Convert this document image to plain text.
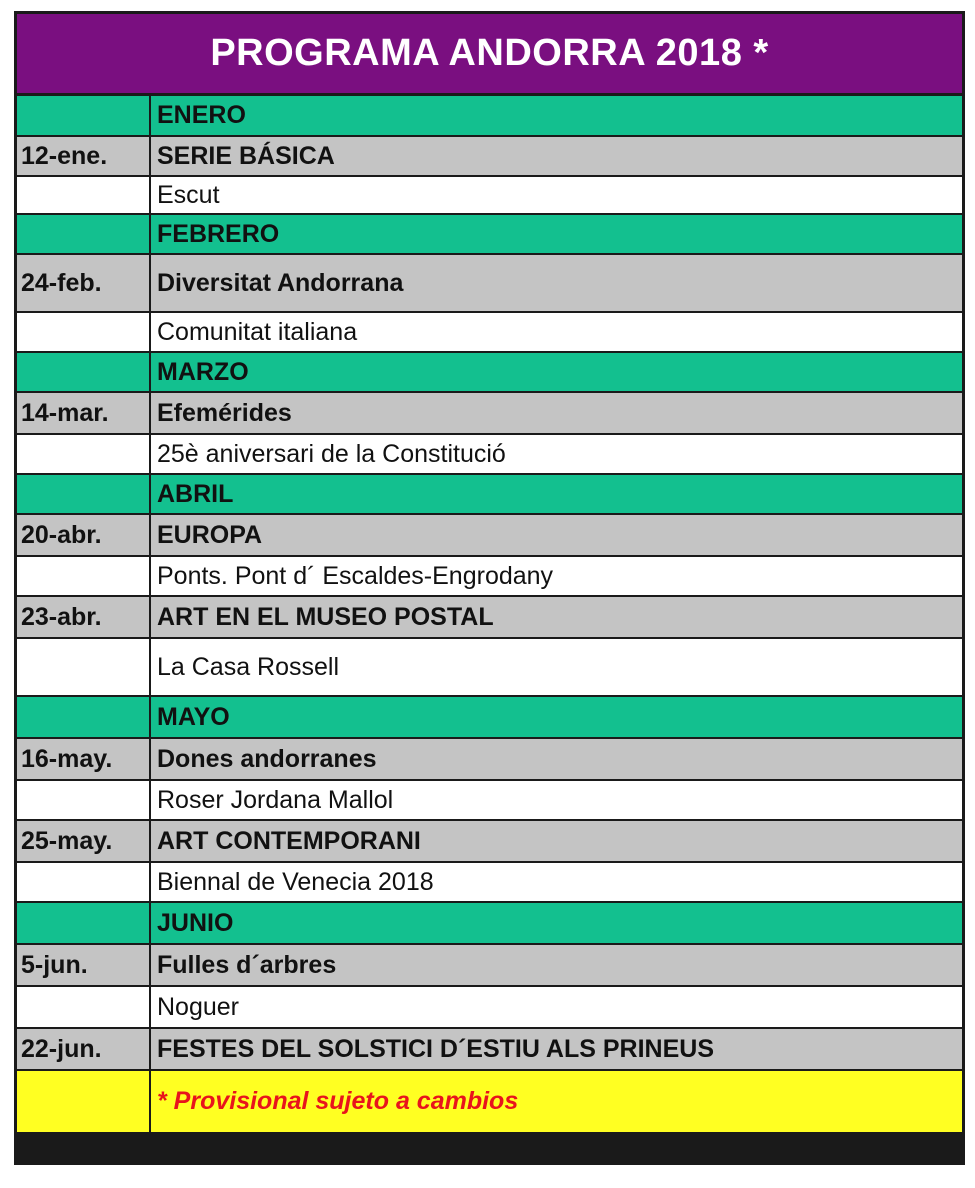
PROGRAMA ANDORRA 2018 *
	ENERO
12-ene.	SERIE BÁSICA
	Escut
	FEBRERO
24-feb.	Diversitat Andorrana
	Comunitat italiana
	MARZO
14-mar.	Efemérides
	25è aniversari de la Constitució
	ABRIL
20-abr.	EUROPA
	Ponts. Pont d´ Escaldes-Engrodany
23-abr.	ART EN EL MUSEO POSTAL
	La Casa Rossell
	MAYO
16-may.	Dones andorranes
	Roser Jordana Mallol
25-may.	ART CONTEMPORANI
	Biennal de Venecia 2018
	JUNIO
5-jun.	Fulles d´arbres
	Noguer
22-jun.	FESTES DEL SOLSTICI D´ESTIU ALS PRINEUS
	* Provisional sujeto a cambios
